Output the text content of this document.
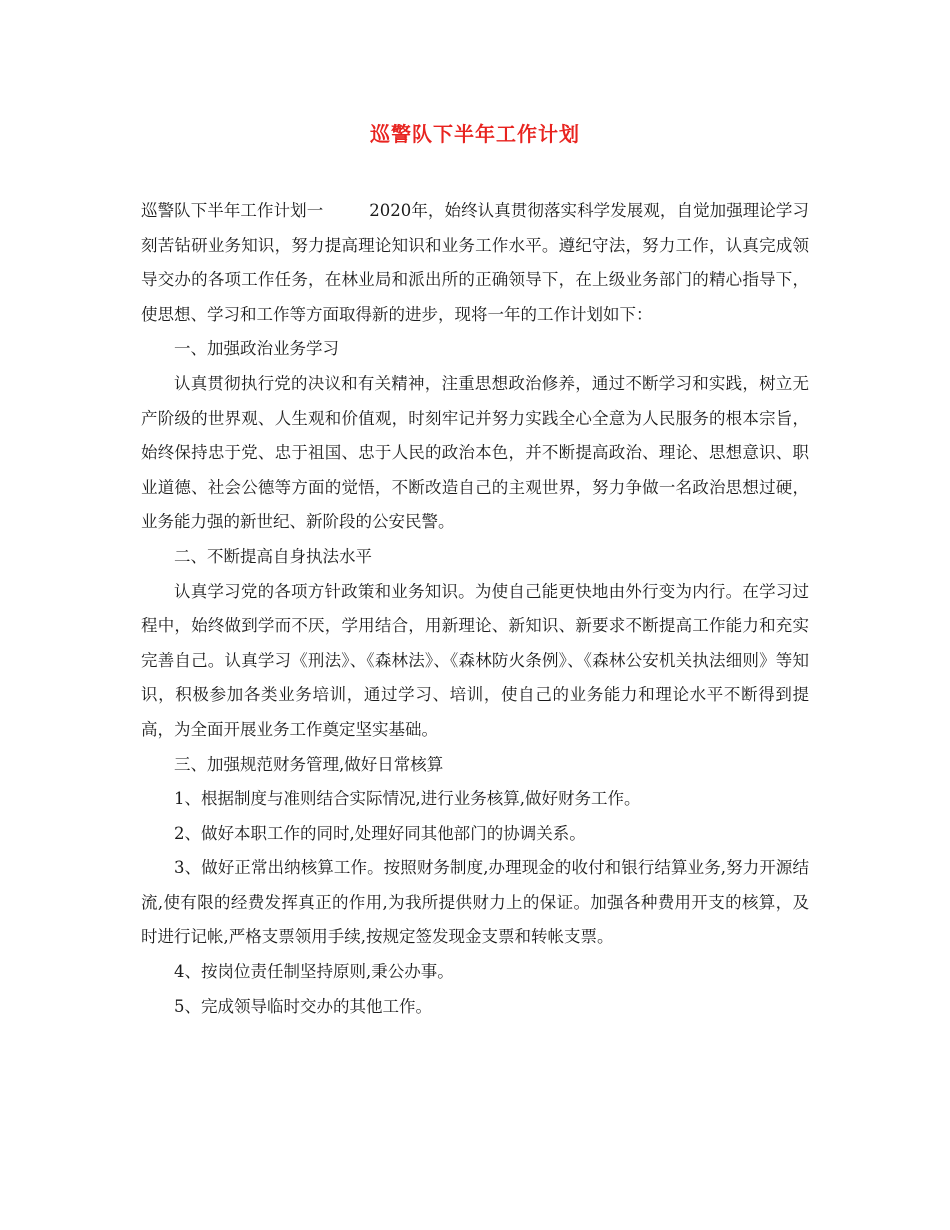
巡警队下半年工作计划

巡警队下半年工作计划一	2020年，始终认真贯彻落实科学发展观，自觉加强理论学习刻苦钻研业务知识，努力提高理论知识和业务工作水平。遵纪守法，努力工作，认真完成领导交办的各项工作任务，在林业局和派出所的正确领导下，在上级业务部门的精心指导下，使思想、学习和工作等方面取得新的进步，现将一年的工作计划如下：

一、加强政治业务学习

认真贯彻执行党的决议和有关精神，注重思想政治修养，通过不断学习和实践，树立无产阶级的世界观、人生观和价值观，时刻牢记并努力实践全心全意为人民服务的根本宗旨，始终保持忠于党、忠于祖国、忠于人民的政治本色，并不断提高政治、理论、思想意识、职业道德、社会公德等方面的觉悟，不断改造自己的主观世界，努力争做一名政治思想过硬，业务能力强的新世纪、新阶段的公安民警。

二、不断提高自身执法水平

认真学习党的各项方针政策和业务知识。为使自己能更快地由外行变为内行。在学习过程中，始终做到学而不厌，学用结合，用新理论、新知识、新要求不断提高工作能力和充实完善自己。认真学习《刑法》、《森林法》、《森林防火条例》、《森林公安机关执法细则》等知识，积极参加各类业务培训，通过学习、培训，使自己的业务能力和理论水平不断得到提高，为全面开展业务工作奠定坚实基础。

三、加强规范财务管理,做好日常核算

1、根据制度与准则结合实际情况,进行业务核算,做好财务工作。

2、做好本职工作的同时,处理好同其他部门的协调关系。

3、做好正常出纳核算工作。按照财务制度,办理现金的收付和银行结算业务,努力开源结流,使有限的经费发挥真正的作用,为我所提供财力上的保证。加强各种费用开支的核算，及时进行记帐,严格支票领用手续,按规定签发现金支票和转帐支票。

4、按岗位责任制坚持原则,秉公办事。

5、完成领导临时交办的其他工作。
